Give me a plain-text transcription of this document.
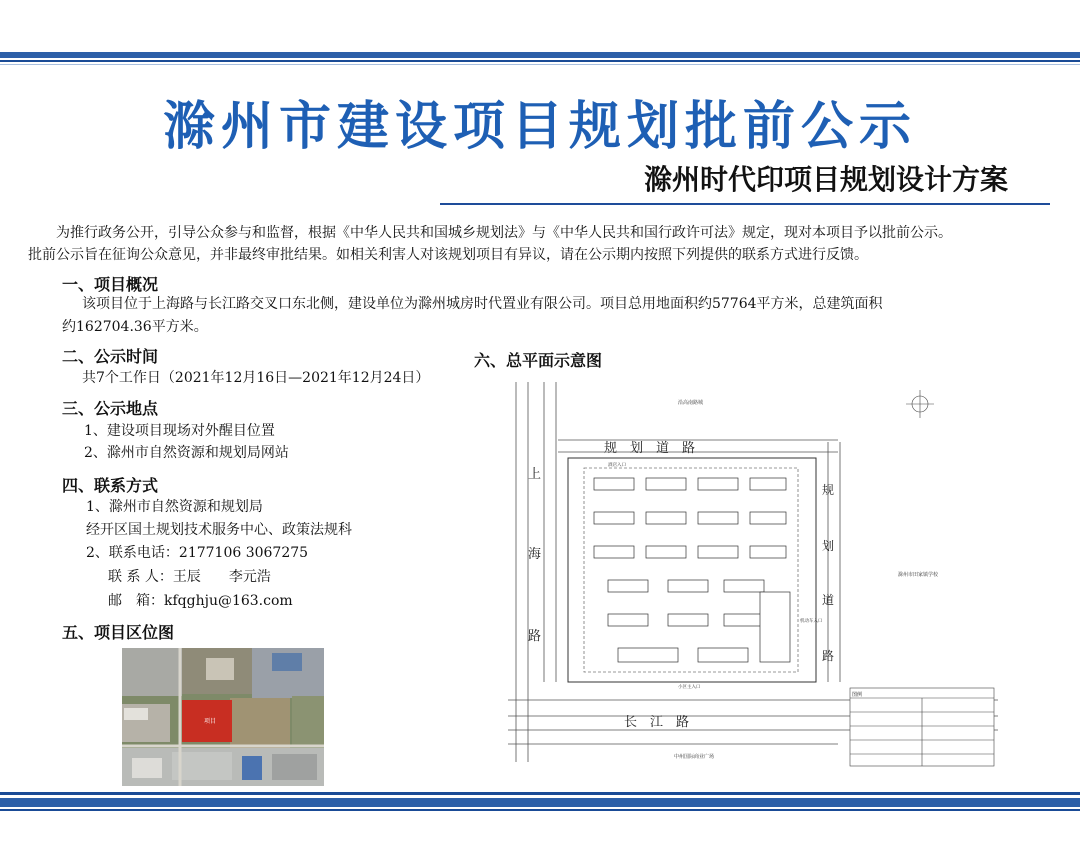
滁州市建设项目规划批前公示
滁州时代印项目规划设计方案

为推行政务公开，引导公众参与和监督，根据《中华人民共和国城乡规划法》与《中华人民共和国行政许可法》规定，现对本项目予以批前公示。

批前公示旨在征询公众意见，并非最终审批结果。如相关利害人对该规划项目有异议，请在公示期内按照下列提供的联系方式进行反馈。

一、项目概况
该项目位于上海路与长江路交叉口东北侧，建设单位为滁州城房时代置业有限公司。项目总用地面积约57764平方米，总建筑面积
约162704.36平方米。
二、公示时间
共7个工作日（2021年12月16日—2021年12月24日）
三、公示地点
1、建设项目现场对外醒目位置
2、滁州市自然资源和规划局网站
四、联系方式
1、滁州市自然资源和规划局
经开区国土规划技术服务中心、政策法规科
2、联系电话：2177106 3067275
联 系 人：王辰　　李元浩
邮　箱：kfqghju@163.com
五、项目区位图
项目
六、总平面示意图
图例
规　划　道　路
上
海
路
长　江　路
规
划
道
路
沿高南路城
滁州市田家镇学校
中州国际商业广场
酒店入口
机动车入口
小区主入口
